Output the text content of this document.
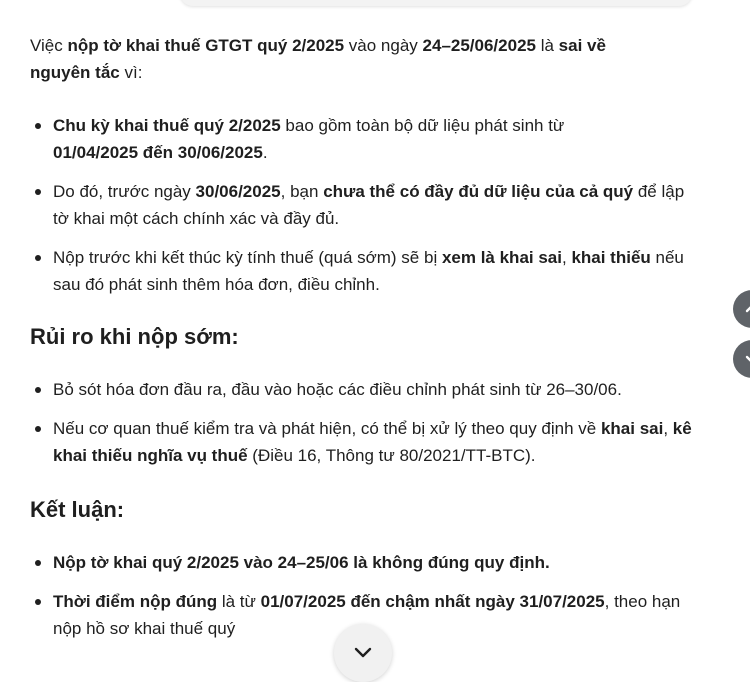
Việc nộp tờ khai thuế GTGT quý 2/2025 vào ngày 24–25/06/2025 là sai về nguyên tắc vì:

Chu kỳ khai thuế quý 2/2025 bao gồm toàn bộ dữ liệu phát sinh từ 01/04/2025 đến 30/06/2025.
Do đó, trước ngày 30/06/2025, bạn chưa thể có đầy đủ dữ liệu của cả quý để lập tờ khai một cách chính xác và đầy đủ.
Nộp trước khi kết thúc kỳ tính thuế (quá sớm) sẽ bị xem là khai sai, khai thiếu nếu sau đó phát sinh thêm hóa đơn, điều chỉnh.
Rủi ro khi nộp sớm:
Bỏ sót hóa đơn đầu ra, đầu vào hoặc các điều chỉnh phát sinh từ 26–30/06.
Nếu cơ quan thuế kiểm tra và phát hiện, có thể bị xử lý theo quy định về khai sai, kê khai thiếu nghĩa vụ thuế (Điều 16, Thông tư 80/2021/TT-BTC).
Kết luận:
Nộp tờ khai quý 2/2025 vào 24–25/06 là không đúng quy định.
Thời điểm nộp đúng là từ 01/07/2025 đến chậm nhất ngày 31/07/2025, theo hạn nộp hồ sơ khai thuế quý
